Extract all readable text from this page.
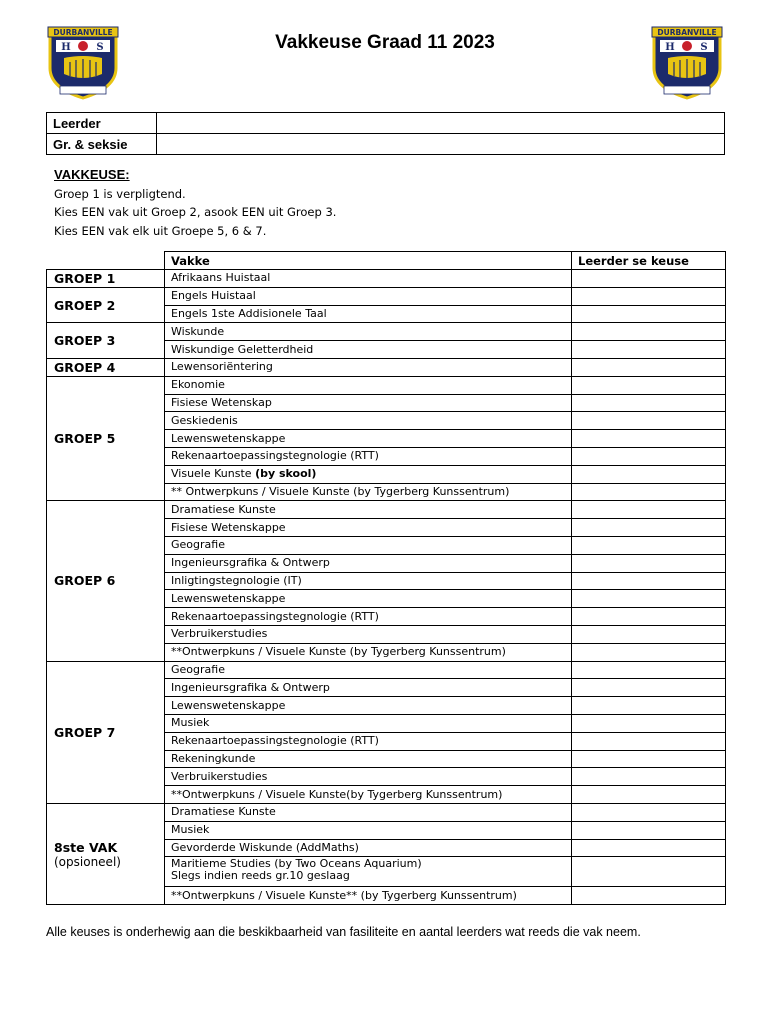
DURBANVILLE
H	S	Vakkeuse Graad 11 2023	DURBANVILLE
H	S
Leerder	
Gr. & seksie	
VAKKEUSE:
Groep 1 is verpligtend.
Kies EEN vak uit Groep 2, asook EEN uit Groep 3.
Kies EEN vak elk uit Groepe 5, 6 & 7.
	Vakke	Leerder se keuse
GROEP 1	Afrikaans Huistaal	
GROEP 2	Engels Huistaal	
	Engels 1ste Addisionele Taal	
GROEP 3	Wiskunde	
	Wiskundige Geletterdheid	
GROEP 4	Lewensoriëntering	
GROEP 5	Ekonomie	
	Fisiese Wetenskap	
	Geskiedenis	
	Lewenswetenskappe	
	Rekenaartoepassingstegnologie (RTT)	
	Visuele Kunste (by skool)	
	** Ontwerpkuns / Visuele Kunste (by Tygerberg Kunssentrum)	
GROEP 6	Dramatiese Kunste	
	Fisiese Wetenskappe	
	Geografie	
	Ingenieursgrafika & Ontwerp	
	Inligtingstegnologie (IT)	
	Lewenswetenskappe	
	Rekenaartoepassingstegnologie (RTT)	
	Verbruikerstudies	
	**Ontwerpkuns / Visuele Kunste (by Tygerberg Kunssentrum)	
GROEP 7	Geografie	
	Ingenieursgrafika & Ontwerp	
	Lewenswetenskappe	
	Musiek	
	Rekenaartoepassingstegnologie (RTT)	
	Rekeningkunde	
	Verbruikerstudies	
	**Ontwerpkuns / Visuele Kunste(by Tygerberg Kunssentrum)	
8ste VAK
(opsioneel)	Dramatiese Kunste	
	Musiek	
	Gevorderde Wiskunde (AddMaths)	
	Maritieme Studies (by Two Oceans Aquarium)
Slegs indien reeds gr.10 geslaag	
	**Ontwerpkuns / Visuele Kunste** (by Tygerberg Kunssentrum)	
Alle keuses is onderhewig aan die beskikbaarheid van fasiliteite en aantal leerders wat reeds die vak neem.
